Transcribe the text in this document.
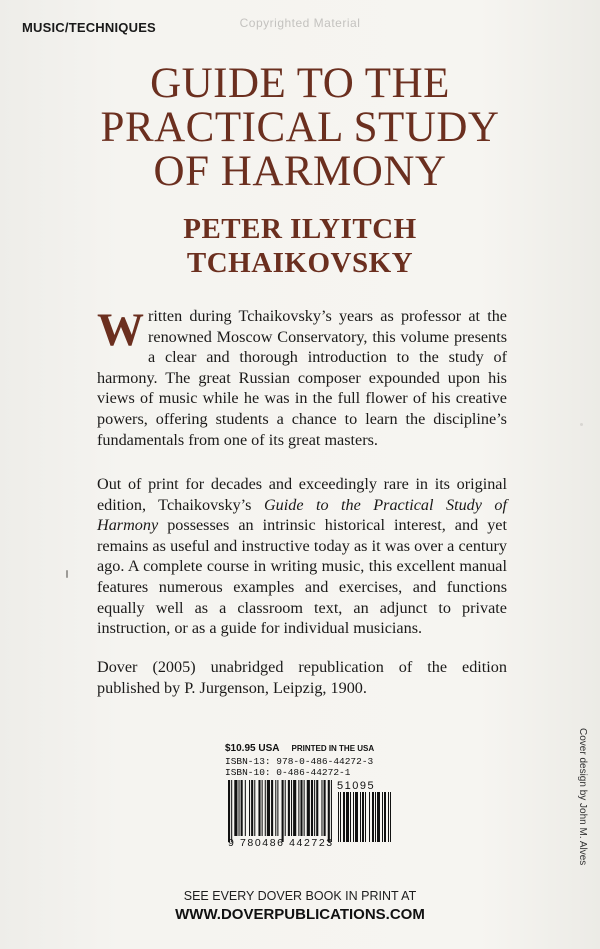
MUSIC/TECHNIQUES	Copyrighted Material
GUIDE TO THE
PRACTICAL STUDY
OF HARMONY
PETER ILYITCH
TCHAIKOVSKY
Written during Tchaikovsky’s years as professor at the renowned Moscow Conservatory, this volume presents a clear and thorough introduction to the study of harmony. The great Russian composer expounded upon his views of music while he was in the full flower of his creative powers, offering students a chance to learn the discipline’s fundamentals from one of its great masters.
Out of print for decades and exceedingly rare in its original edition, Tchaikovsky’s Guide to the Practical Study of Harmony possesses an intrinsic historical interest, and yet remains as useful and instructive today as it was over a century ago. A complete course in writing music, this excellent manual features numerous examples and exercises, and functions equally well as a classroom text, an adjunct to private instruction, or as a guide for individual musicians.
Dover (2005) unabridged republication of the edition published by P. Jurgenson, Leipzig, 1900.
$10.95 USA PRINTED IN THE USA
ISBN-13: 978-0-486-44272-3
ISBN-10: 0-486-44272-1
51095
9 780486 442723	Cover design by John M. Alves
SEE EVERY DOVER BOOK IN PRINT AT
WWW.DOVERPUBLICATIONS.COM
